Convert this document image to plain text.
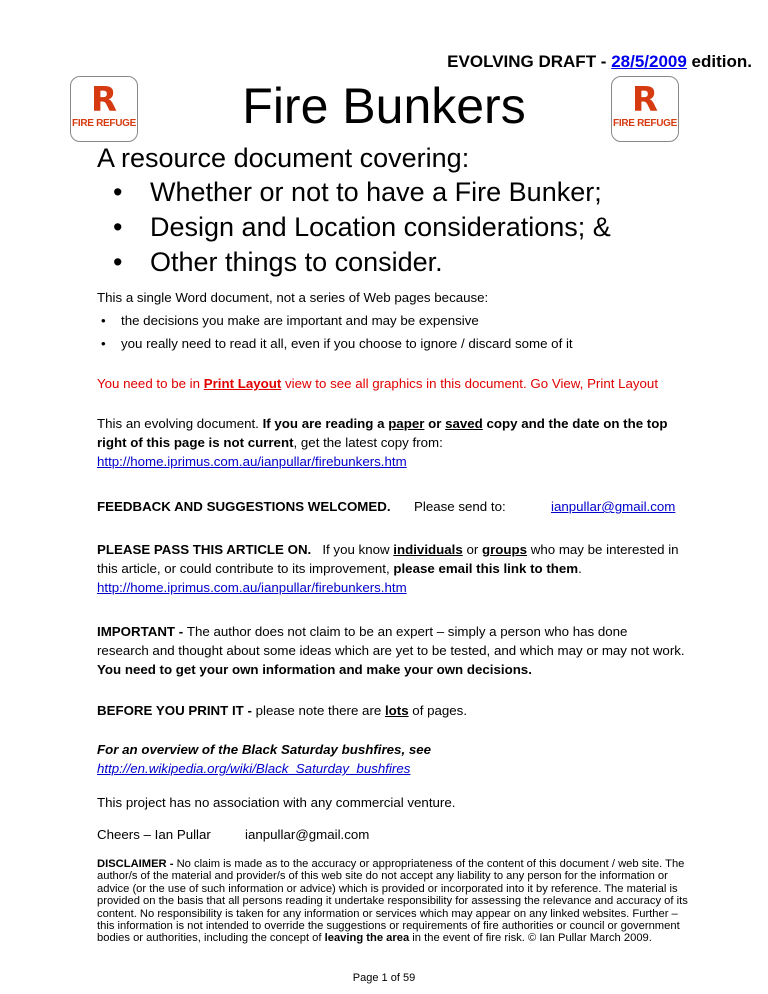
EVOLVING DRAFT - 28/5/2009 edition.
R
FIRE REFUGE
R
FIRE REFUGE
Fire Bunkers
A resource document covering:
• Whether or not to have a Fire Bunker;
• Design and Location considerations; &
• Other things to consider.
This a single Word document, not a series of Web pages because:
• the decisions you make are important and may be expensive
• you really need to read it all, even if you choose to ignore / discard some of it
You need to be in Print Layout view to see all graphics in this document. Go View, Print Layout
This an evolving document. If you are reading a paper or saved copy and the date on the top
right of this page is not current, get the latest copy from:
http://home.iprimus.com.au/ianpullar/firebunkers.htm
FEEDBACK AND SUGGESTIONS WELCOMED. Please send to:	ianpullar@gmail.com
PLEASE PASS THIS ARTICLE ON.   If you know individuals or groups who may be interested in
this article, or could contribute to its improvement, please email this link to them.
http://home.iprimus.com.au/ianpullar/firebunkers.htm
IMPORTANT - The author does not claim to be an expert – simply a person who has done
research and thought about some ideas which are yet to be tested, and which may or may not work.
You need to get your own information and make your own decisions.
BEFORE YOU PRINT IT - please note there are lots of pages.
For an overview of the Black Saturday bushfires, see
http://en.wikipedia.org/wiki/Black_Saturday_bushfires
This project has no association with any commercial venture.
Cheers – Ian Pullar	ianpullar@gmail.com
DISCLAIMER - No claim is made as to the accuracy or appropriateness of the content of this document / web site. The author/s of the material and provider/s of this web site do not accept any liability to any person for the information or advice (or the use of such information or advice) which is provided or incorporated into it by reference. The material is provided on the basis that all persons reading it undertake responsibility for assessing the relevance and accuracy of its content. No responsibility is taken for any information or services which may appear on any linked websites. Further – this information is not intended to override the suggestions or requirements of fire authorities or council or government bodies or authorities, including the concept of leaving the area in the event of fire risk. © Ian Pullar March 2009.
Page 1 of 59
